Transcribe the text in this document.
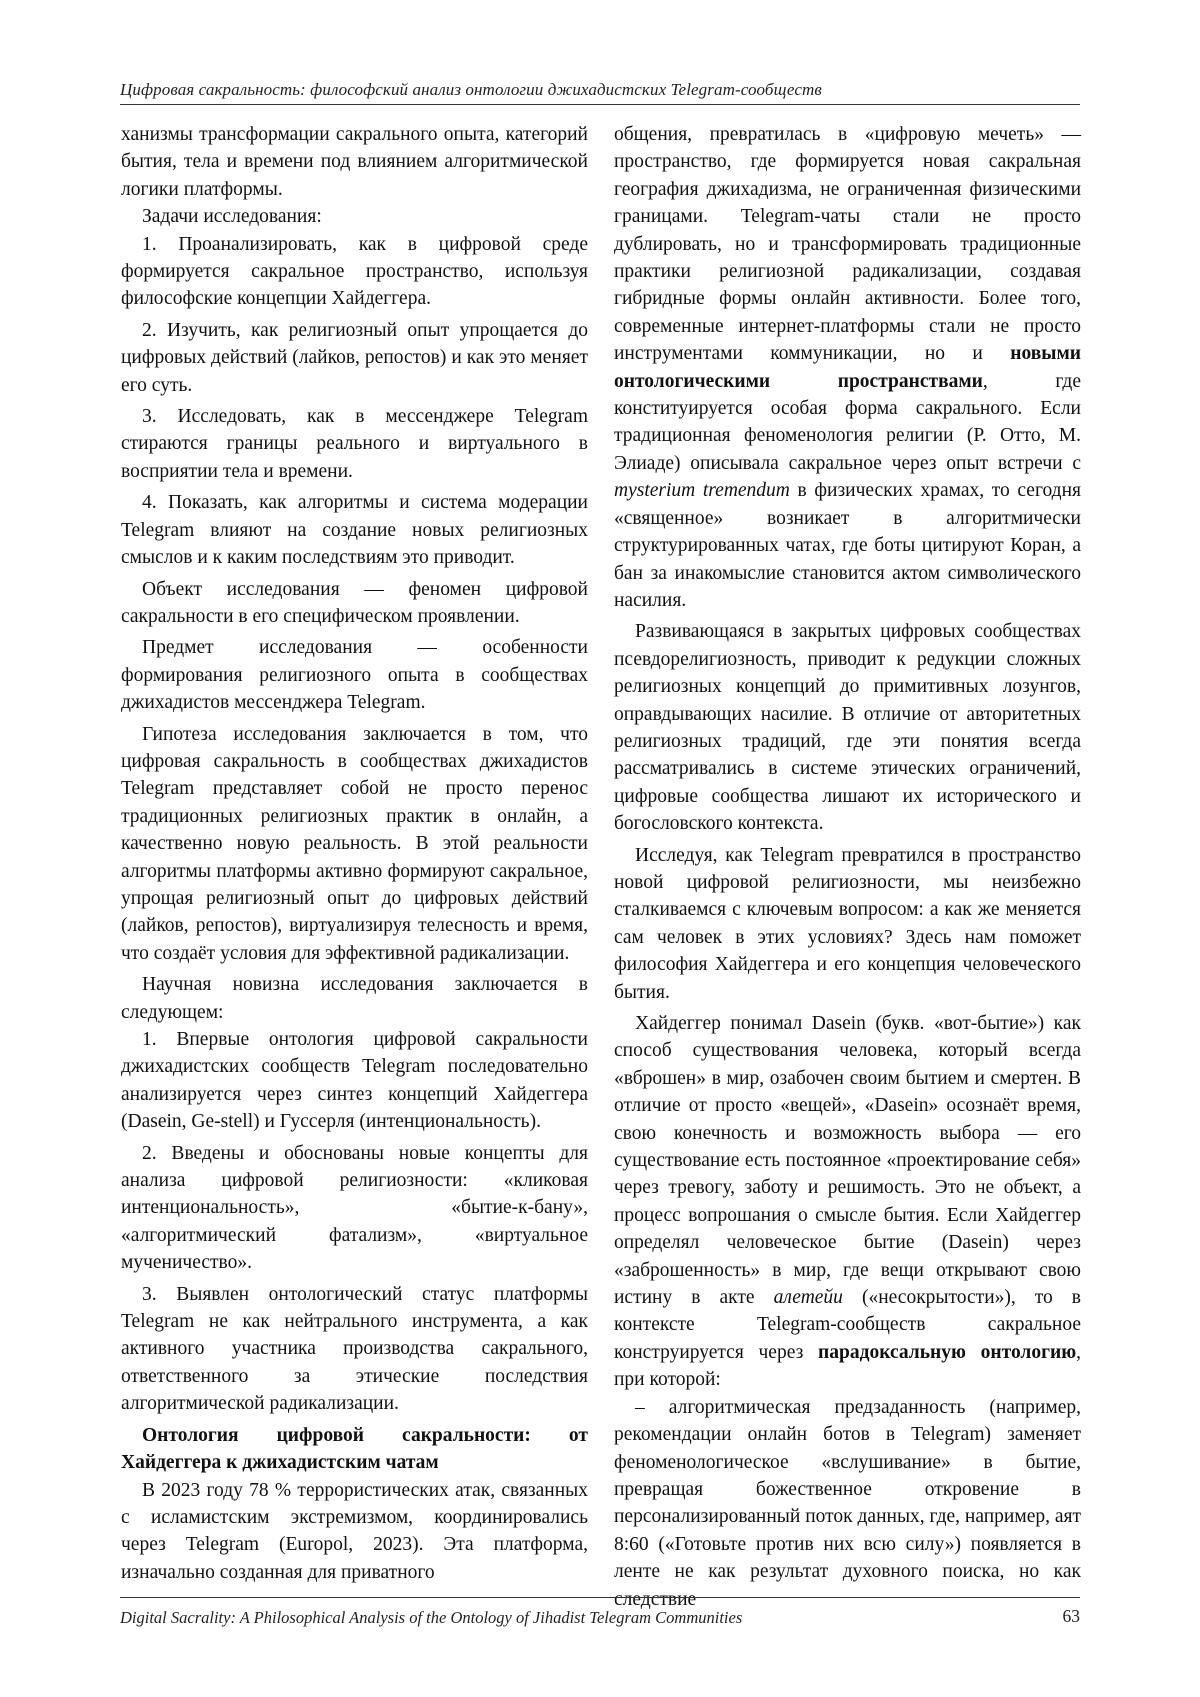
Цифровая сакральность: философский анализ онтологии джихадистских Telegram-сообществ

ханизмы трансформации сакрального опыта, категорий бытия, тела и времени под влиянием алгоритмической логики платформы.

Задачи исследования:

1. Проанализировать, как в цифровой среде формируется сакральное пространство, используя философские концепции Хайдеггера.

2. Изучить, как религиозный опыт упрощается до цифровых действий (лайков, репостов) и как это меняет его суть.

3. Исследовать, как в мессенджере Telegram стираются границы реального и виртуального в восприятии тела и времени.

4. Показать, как алгоритмы и система модерации Telegram влияют на создание новых религиозных смыслов и к каким последствиям это приводит.

Объект исследования — феномен цифровой сакральности в его специфическом проявлении.

Предмет исследования — особенности формирования религиозного опыта в сообществах джихадистов мессенджера Telegram.

Гипотеза исследования заключается в том, что цифровая сакральность в сообществах джихадистов Telegram представляет собой не просто перенос традиционных религиозных практик в онлайн, а качественно новую реальность. В этой реальности алгоритмы платформы активно формируют сакральное, упрощая религиозный опыт до цифровых действий (лайков, репостов), виртуализируя телесность и время, что создаёт условия для эффективной радикализации.

Научная новизна исследования заключается в следующем:

1. Впервые онтология цифровой сакральности джихадистских сообществ Telegram последовательно анализируется через синтез концепций Хайдеггера (Dasein, Ge-stell) и Гуссерля (интенциональность).

2. Введены и обоснованы новые концепты для анализа цифровой религиозности: «кликовая интенциональность», «бытие-к-бану», «алгоритмический фатализм», «виртуальное мученичество».

3. Выявлен онтологический статус платформы Telegram не как нейтрального инструмента, а как активного участника производства сакрального, ответственного за этические последствия алгоритмической радикализации.

Онтология цифровой сакральности: от Хайдеггера к джихадистским чатам

В 2023 году 78 % террористических атак, связанных с исламистским экстремизмом, координировались через Telegram (Europol, 2023). Эта платформа, изначально созданная для приватного

общения, превратилась в «цифровую мечеть» — пространство, где формируется новая сакральная география джихадизма, не ограниченная физическими границами. Telegram-чаты стали не просто дублировать, но и трансформировать традиционные практики религиозной радикализации, создавая гибридные формы онлайн активности. Более того, современные интернет-платформы стали не просто инструментами коммуникации, но и новыми онтологическими пространствами, где конституируется особая форма сакрального. Если традиционная феноменология религии (Р. Отто, М. Элиаде) описывала сакральное через опыт встречи с mysterium tremendum в физических храмах, то сегодня «священное» возникает в алгоритмически структурированных чатах, где боты цитируют Коран, а бан за инакомыслие становится актом символического насилия.

Развивающаяся в закрытых цифровых сообществах псевдорелигиозность, приводит к редукции сложных религиозных концепций до примитивных лозунгов, оправдывающих насилие. В отличие от авторитетных религиозных традиций, где эти понятия всегда рассматривались в системе этических ограничений, цифровые сообщества лишают их исторического и богословского контекста.

Исследуя, как Telegram превратился в пространство новой цифровой религиозности, мы неизбежно сталкиваемся с ключевым вопросом: а как же меняется сам человек в этих условиях? Здесь нам поможет философия Хайдеггера и его концепция человеческого бытия.

Хайдеггер понимал Dasein (букв. «вот-бытие») как способ существования человека, который всегда «вброшен» в мир, озабочен своим бытием и смертен. В отличие от просто «вещей», «Dasein» осознаёт время, свою конечность и возможность выбора — его существование есть постоянное «проектирование себя» через тревогу, заботу и решимость. Это не объект, а процесс вопрошания о смысле бытия. Если Хайдеггер определял человеческое бытие (Dasein) через «заброшенность» в мир, где вещи открывают свою истину в акте алетейи («несокрытости»), то в контексте Telegram-сообществ сакральное конструируется через парадоксальную онтологию, при которой:

– алгоритмическая предзаданность (например, рекомендации онлайн ботов в Telegram) заменяет феноменологическое «вслушивание» в бытие, превращая божественное откровение в персонализированный поток данных, где, например, аят 8:60 («Готовьте против них всю силу») появляется в ленте не как результат духовного поиска, но как следствие

Digital Sacrality: A Philosophical Analysis of the Ontology of Jihadist Telegram Communities	63
